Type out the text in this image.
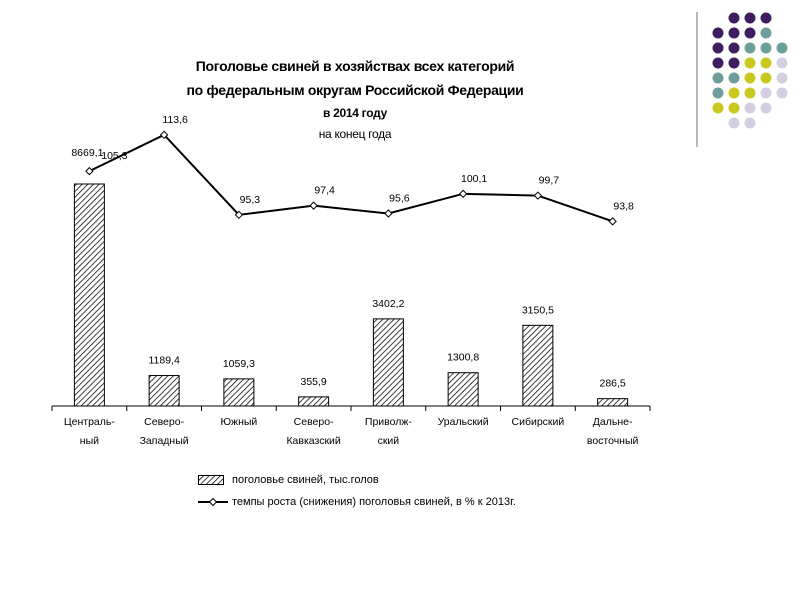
Поголовье свиней в хозяйствах всех категорий
по федеральным округам Российской Федерации
в 2014 году
на конец года
Централь-
ный
Северо-
Западный
Южный	Северо-
Кавказский
Приволж-
ский
Уральский Сибирский	Дальне-
восточный
8669,1
1189,4	1059,3
355,9
3402,2
1300,8
3150,5
286,5
105,3
113,6
95,3
97,4
95,6
100,1	99,7
93,8
поголовье свиней, тыс.голов
темпы роста (снижения) поголовья свиней, в % к 2013г.
